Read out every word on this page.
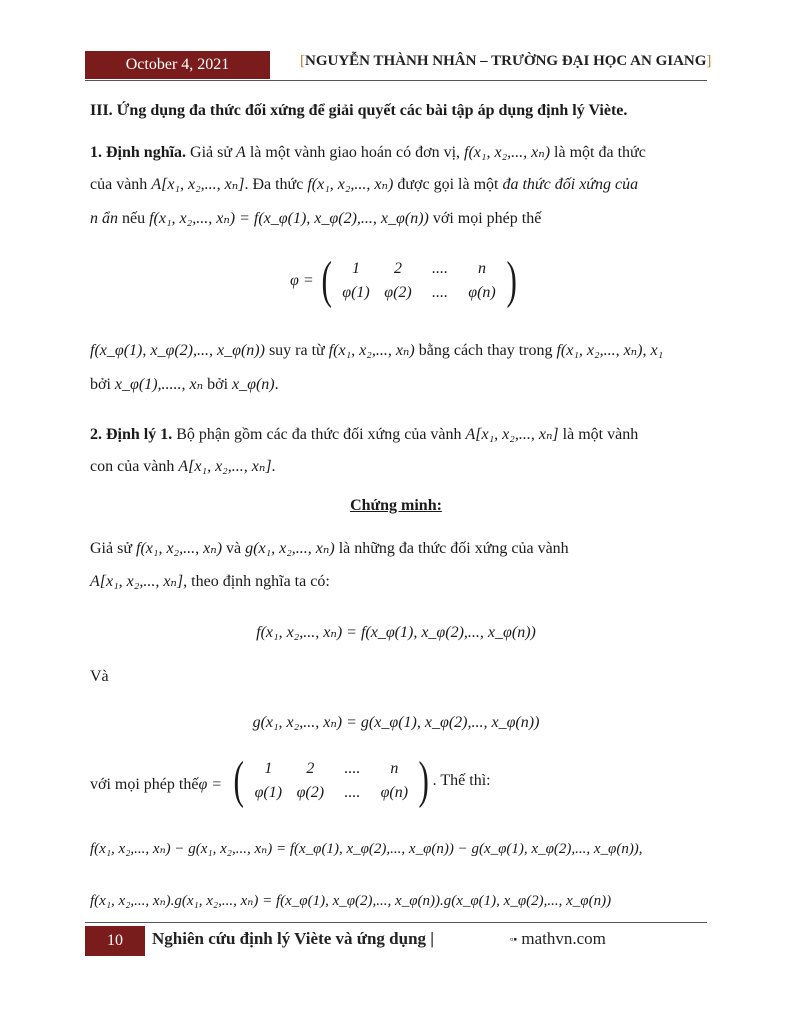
October 4, 2021	[NGUYỄN THÀNH NHÂN – TRƯỜNG ĐẠI HỌC AN GIANG]
III. Ứng dụng đa thức đối xứng để giải quyết các bài tập áp dụng định lý Viète.
1. Định nghĩa. Giả sử A là một vành giao hoán có đơn vị, f(x₁, x₂,..., xₙ) là một đa thức
của vành A[x₁, x₂,..., xₙ]. Đa thức f(x₁, x₂,..., xₙ) được gọi là một đa thức đối xứng của
n ẩn nếu f(x₁, x₂,..., xₙ) = f(x_φ(1), x_φ(2),..., x_φ(n)) với mọi phép thế
φ = (	1	2	....	n
φ(1) φ(2)	....	φ(n) )
f(x_φ(1), x_φ(2),..., x_φ(n)) suy ra từ f(x₁, x₂,..., xₙ) bằng cách thay trong f(x₁, x₂,..., xₙ), x₁
bởi x_φ(1),....., xₙ bởi x_φ(n).
2. Định lý 1. Bộ phận gồm các đa thức đối xứng của vành A[x₁, x₂,..., xₙ] là một vành
con của vành A[x₁, x₂,..., xₙ].
Chứng minh:
Giả sử f(x₁, x₂,..., xₙ) và g(x₁, x₂,..., xₙ) là những đa thức đối xứng của vành
A[x₁, x₂,..., xₙ], theo định nghĩa ta có:
f(x₁, x₂,..., xₙ) = f(x_φ(1), x_φ(2),..., x_φ(n))
Và
g(x₁, x₂,..., xₙ) = g(x_φ(1), x_φ(2),..., x_φ(n))
với mọi phép thế φ = (	1	2	....	n
φ(1) φ(2)	....	φ(n) ) . Thế thì:
f(x₁, x₂,..., xₙ) − g(x₁, x₂,..., xₙ) = f(x_φ(1), x_φ(2),..., x_φ(n)) − g(x_φ(1), x_φ(2),..., x_φ(n)),
f(x₁, x₂,..., xₙ).g(x₁, x₂,..., xₙ) = f(x_φ(1), x_φ(2),..., x_φ(n)).g(x_φ(1), x_φ(2),..., x_φ(n))
10	Nghiên cứu định lý Viète và ứng dụng |	▫▪ mathvn.com
